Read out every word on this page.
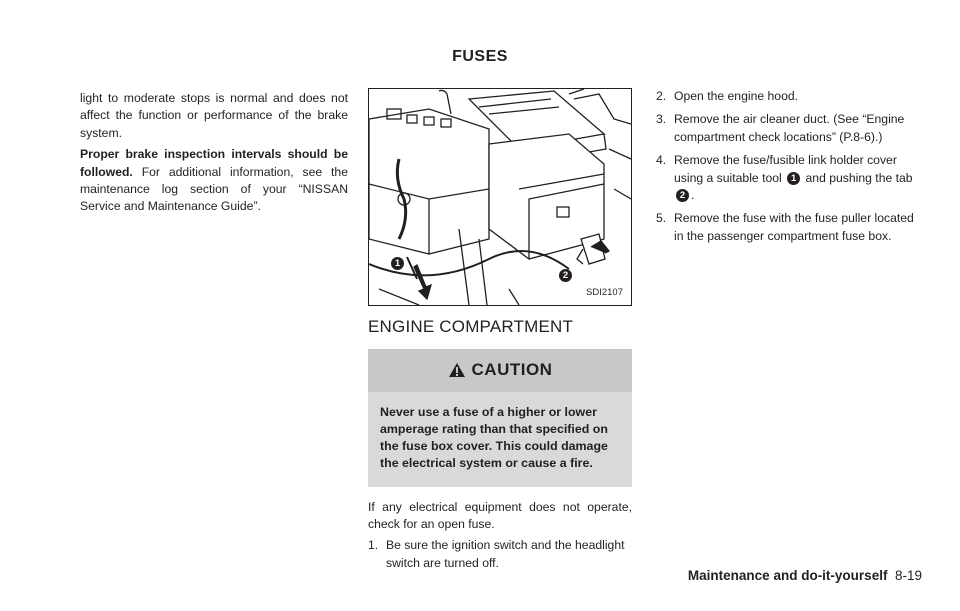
FUSES

light to moderate stops is normal and does not affect the function or performance of the brake system.

Proper brake inspection intervals should be followed. For additional information, see the maintenance log section of your “NISSAN Service and Maintenance Guide”.

1
2
SDI2107
ENGINE COMPARTMENT
CAUTION
Never use a fuse of a higher or lower amperage rating than that specified on the fuse box cover. This could damage the electrical system or cause a fire.

If any electrical equipment does not operate, check for an open fuse.

1. Be sure the ignition switch and the headlight switch are turned off.
2. Open the engine hood.
3. Remove the air cleaner duct. (See “Engine compartment check locations” (P.8-6).)
4. Remove the fuse/fusible link holder cover using a suitable tool 1 and pushing the tab
2 .
5. Remove the fuse with the fuse puller located in the passenger compartment fuse box.
Maintenance and do-it-yourself 8-19
